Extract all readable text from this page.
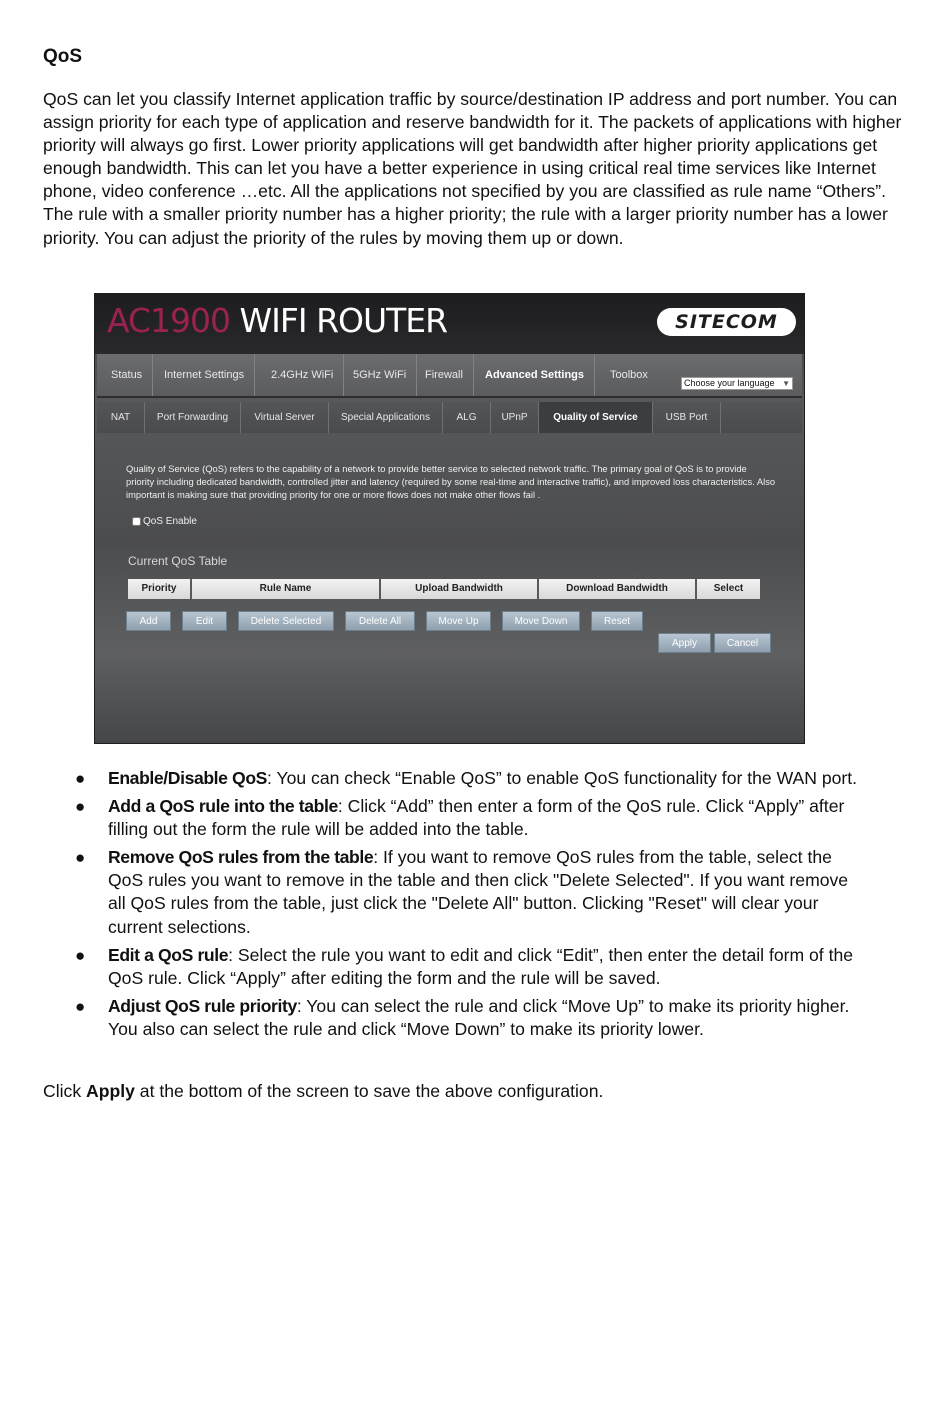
QoS

QoS can let you classify Internet application traffic by source/destination IP address and port number. You can assign priority for each type of application and reserve bandwidth for it. The packets of applications with higher priority will always go first. Lower priority applications will get bandwidth after higher priority applications get enough bandwidth. This can let you have a better experience in using critical real time services like Internet phone, video conference …etc. All the applications not specified by you are classified as rule name “Others”. The rule with a smaller priority number has a higher priority; the rule with a larger priority number has a lower priority. You can adjust the priority of the rules by moving them up or down.

AC1900 WIFI ROUTER	SITECOM
Status	Internet Settings	2.4GHz WiFi	5GHz WiFi	Firewall	Advanced Settings	Toolbox
Choose your language ▼
NAT	Port Forwarding	Virtual Server	Special Applications	ALG	UPnP	Quality of Service	USB Port

Quality of Service (QoS) refers to the capability of a network to provide better service to selected network traffic. The primary goal of QoS is to provide priority including dedicated bandwidth, controlled jitter and latency (required by some real-time and interactive traffic), and improved loss characteristics. Also important is making sure that providing priority for one or more flows does not make other flows fail .

QoS Enable
Current QoS Table
Priority	Rule Name	Upload Bandwidth	Download Bandwidth	Select
Add	Edit	Delete Selected	Delete All	Move Up	Move Down	Reset
Apply	Cancel
● Enable/Disable QoS: You can check “Enable QoS” to enable QoS functionality for the WAN port.
● Add a QoS rule into the table: Click “Add” then enter a form of the QoS rule. Click “Apply” after filling out the form the rule will be added into the table.
● Remove QoS rules from the table: If you want to remove QoS rules from the table, select the QoS rules you want to remove in the table and then click "Delete Selected". If you want remove all QoS rules from the table, just click the "Delete All" button. Clicking "Reset" will clear your current selections.
● Edit a QoS rule: Select the rule you want to edit and click “Edit”, then enter the detail form of the QoS rule. Click “Apply” after editing the form and the rule will be saved.
● Adjust QoS rule priority: You can select the rule and click “Move Up” to make its priority higher. You also can select the rule and click “Move Down” to make its priority lower.

Click Apply at the bottom of the screen to save the above configuration.
